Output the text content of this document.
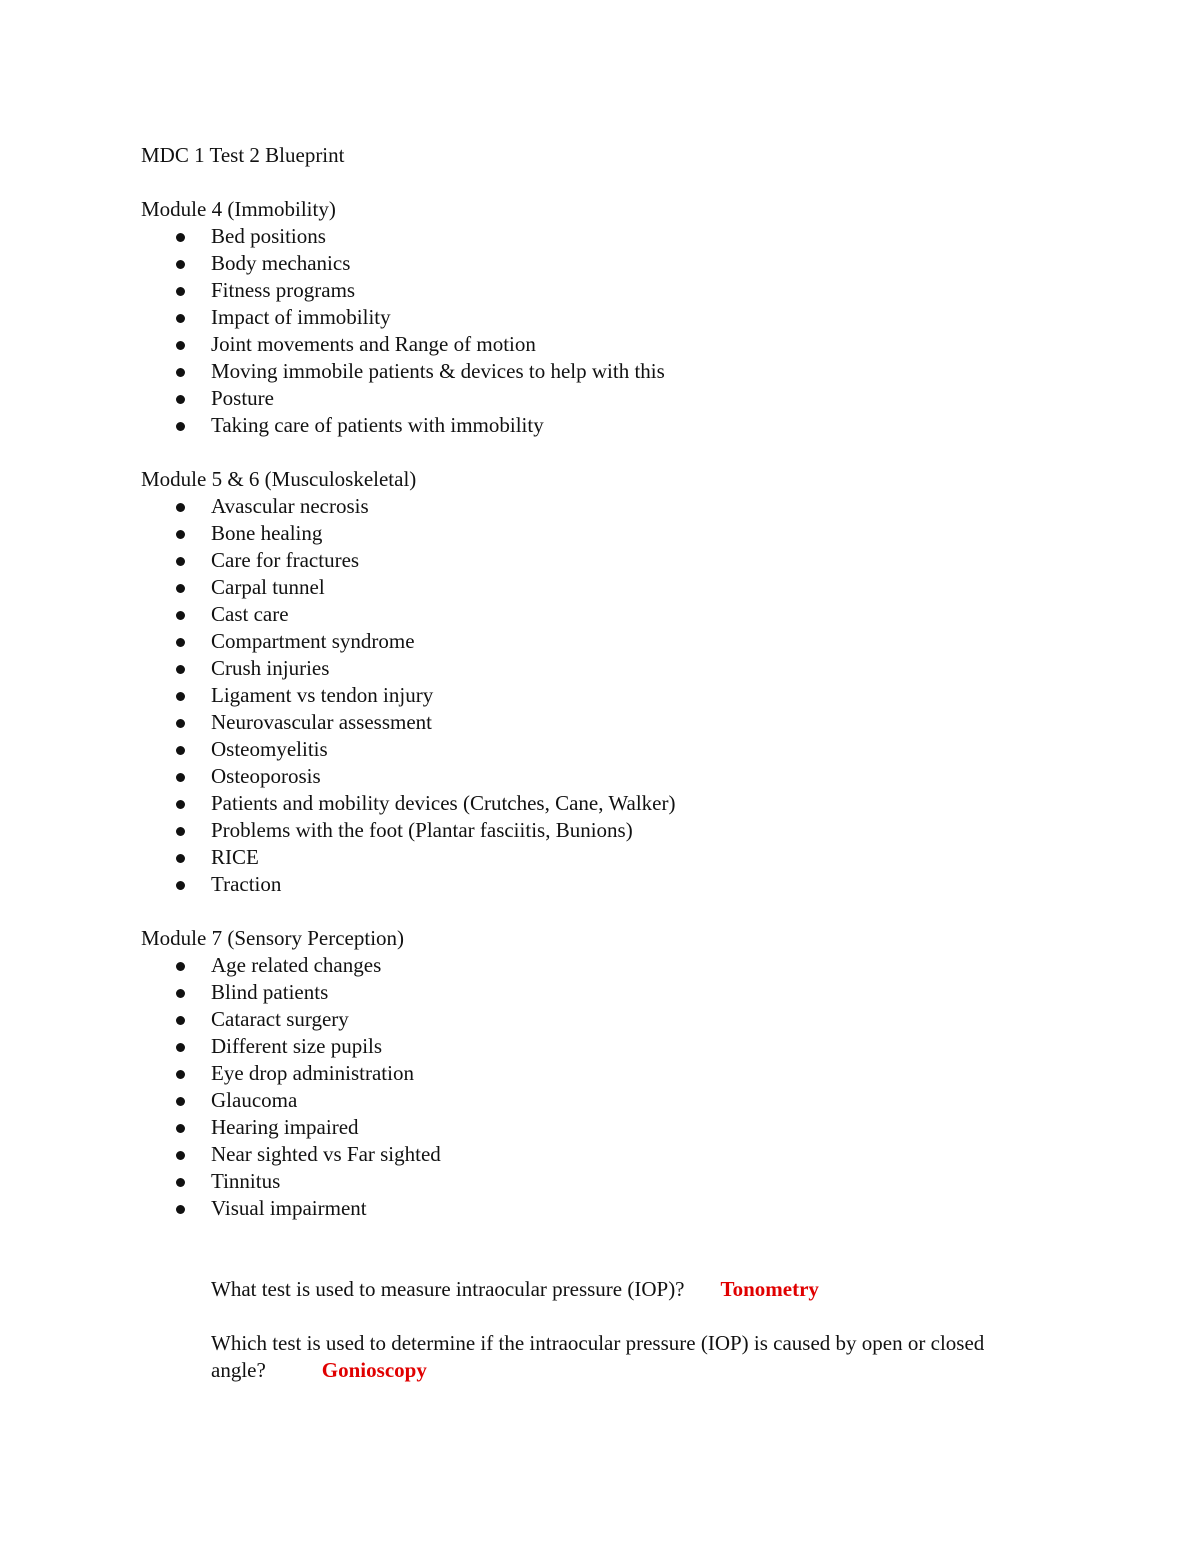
MDC 1 Test 2 Blueprint
Module 4 (Immobility)
Bed positions
Body mechanics
Fitness programs
Impact of immobility
Joint movements and Range of motion
Moving immobile patients & devices to help with this
Posture
Taking care of patients with immobility
Module 5 & 6 (Musculoskeletal)
Avascular necrosis
Bone healing
Care for fractures
Carpal tunnel
Cast care
Compartment syndrome
Crush injuries
Ligament vs tendon injury
Neurovascular assessment
Osteomyelitis
Osteoporosis
Patients and mobility devices (Crutches, Cane, Walker)
Problems with the foot (Plantar fasciitis, Bunions)
RICE
Traction
Module 7 (Sensory Perception)
Age related changes
Blind patients
Cataract surgery
Different size pupils
Eye drop administration
Glaucoma
Hearing impaired
Near sighted vs Far sighted
Tinnitus
Visual impairment
What test is used to measure intraocular pressure (IOP)? Tonometry
Which test is used to determine if the intraocular pressure (IOP) is caused by open or closed angle?	Gonioscopy
